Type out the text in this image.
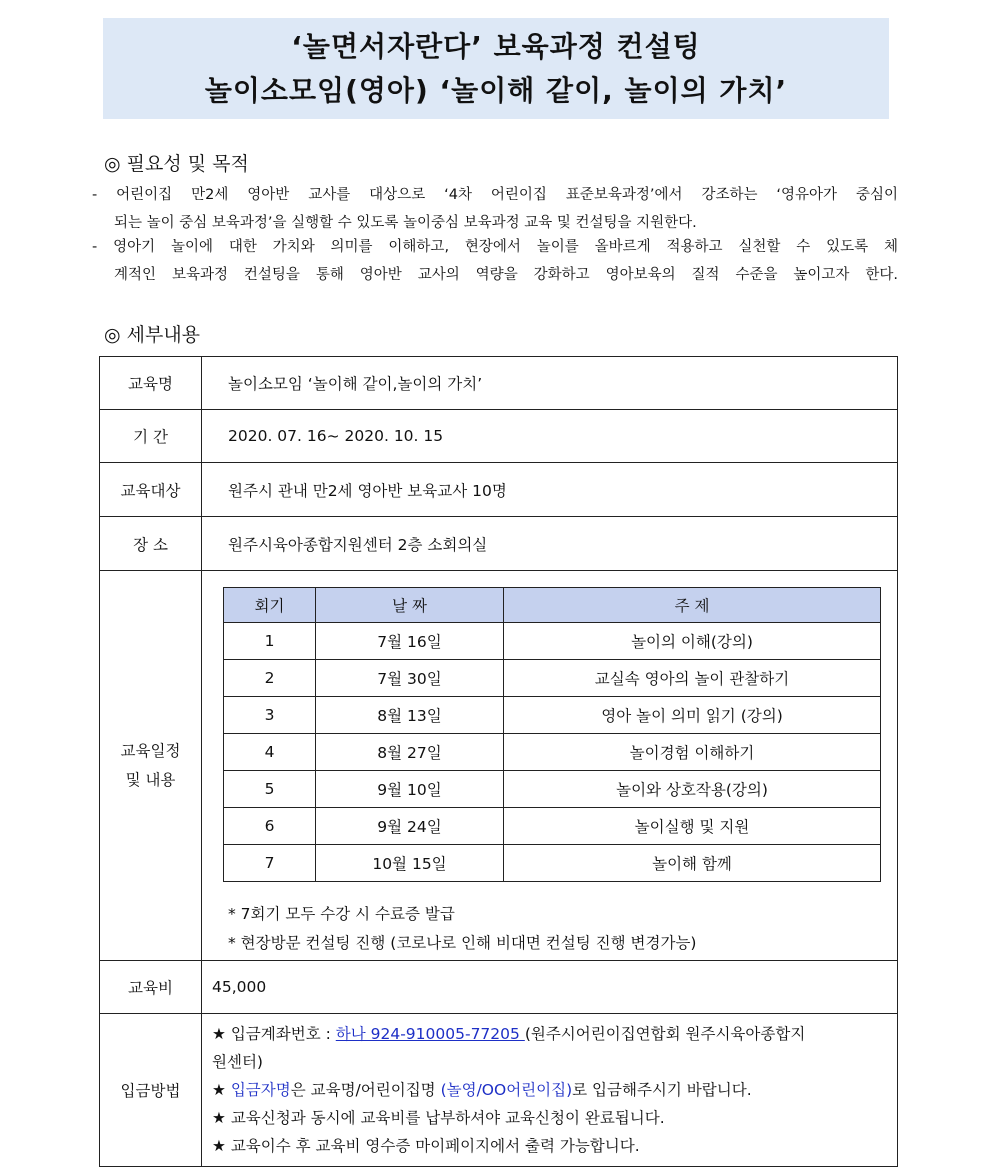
‘놀면서자란다’ 보육과정 컨설팅
놀이소모임(영아) ‘놀이해 같이, 놀이의 가치’
◎ 필요성 및 목적
- 어린이집 만2세 영아반 교사를 대상으로 ‘4차 어린이집 표준보육과정’에서 강조하는 ‘영유아가 중심이
되는 놀이 중심 보육과정’을 실행할 수 있도록 놀이중심 보육과정 교육 및 컨설팅을 지원한다.
- 영아기 놀이에 대한 가치와 의미를 이해하고, 현장에서 놀이를 올바르게 적용하고 실천할 수 있도록 체
계적인 보육과정 컨설팅을 통해 영아반 교사의 역량을 강화하고 영아보육의 질적 수준을 높이고자 한다.
◎ 세부내용
교육명	놀이소모임 ‘놀이해 같이,놀이의 가치’
기 간	2020. 07. 16~ 2020. 10. 15
교육대상	원주시 관내 만2세 영아반 보육교사 10명
장 소	원주시육아종합지원센터 2층 소회의실

교육일정
및 내용

회기	날 짜	주 제
1	7월 16일	놀이의 이해(강의)
2	7월 30일	교실속 영아의 놀이 관찰하기
3	8월 13일	영아 놀이 의미 읽기 (강의)
4	8월 27일	놀이경험 이해하기
5	9월 10일	놀이와 상호작용(강의)
6	9월 24일	놀이실행 및 지원
7	10월 15일	놀이해 함께
* 7회기 모두 수강 시 수료증 발급
* 현장방문 컨설팅 진행 (코로나로 인해 비대면 컨설팅 진행 변경가능)

교육비	45,000
입금방법	
★ 입금계좌번호 : 하나 924-910005-77205 (원주시어린이집연합회 원주시육아종합지
원센터)
★ 입금자명은 교육명/어린이집명 (놀영/OO어린이집)로 입금해주시기 바랍니다.
★ 교육신청과 동시에 교육비를 납부하셔야 교육신청이 완료됩니다.
★ 교육이수 후 교육비 영수증 마이페이지에서 출력 가능합니다.
